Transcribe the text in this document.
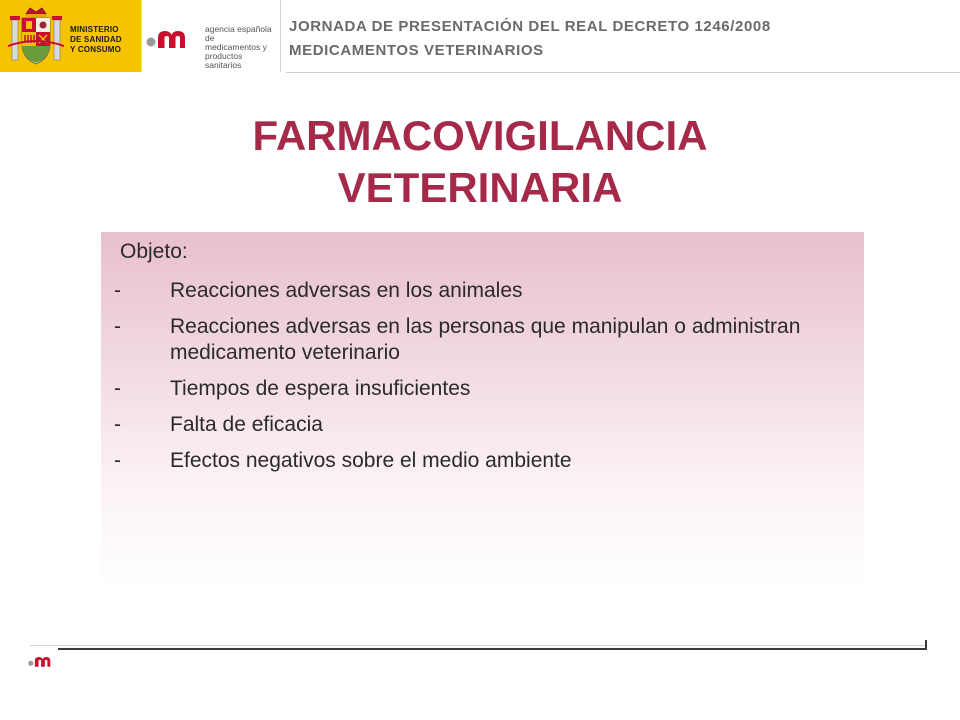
MINISTERIO
DE SANIDAD
Y CONSUMO
agencia española de
medicamentos y
productos sanitarios
JORNADA DE PRESENTACIÓN DEL REAL DECRETO 1246/2008
MEDICAMENTOS VETERINARIOS
FARMACOVIGILANCIA
VETERINARIA
Objeto:
- Reacciones adversas en los animales
- Reacciones adversas en las personas que manipulan o administran medicamento veterinario
- Tiempos de espera insuficientes
- Falta de eficacia
- Efectos negativos sobre el medio ambiente
